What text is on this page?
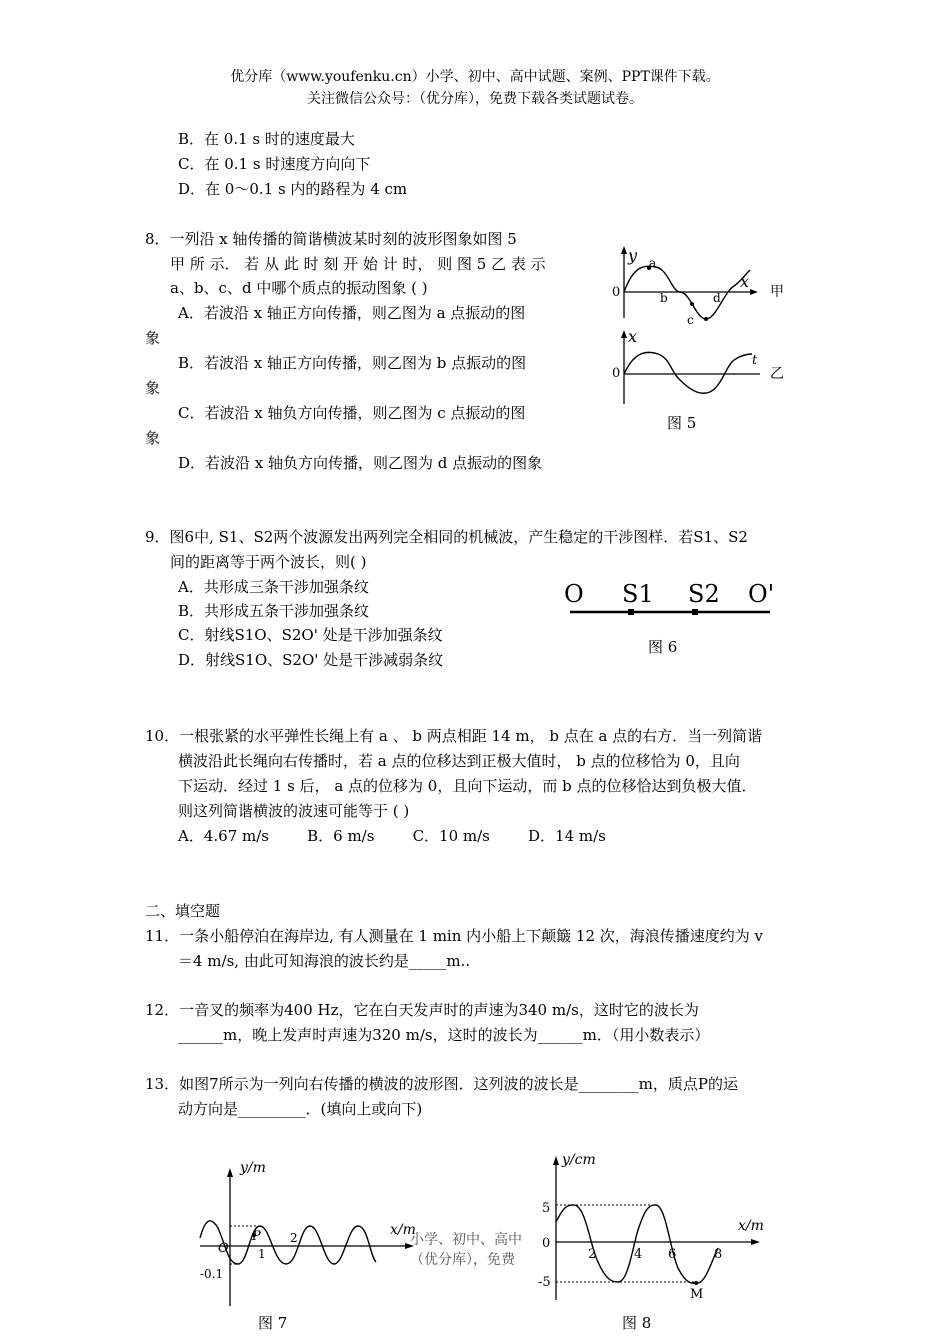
优分库（www.youfenku.cn）小学、初中、高中试题、案例、PPT课件下载。
关注微信公众号：（优分库），免费下载各类试题试卷。
B．在 0.1 s 时的速度最大
C．在 0.1 s 时速度方向向下
D．在 0～0.1 s 内的路程为 4 cm
8．一列沿 x 轴传播的简谐横波某时刻的波形图象如图 5
甲 所 示． 若 从 此 时 刻 开 始 计 时， 则 图 5 乙 表 示
a、b、c、d 中哪个质点的振动图象 ( )
A．若波沿 x 轴正方向传播，则乙图为 a 点振动的图
象
B．若波沿 x 轴正方向传播，则乙图为 b 点振动的图
象
C．若波沿 x 轴负方向传播，则乙图为 c 点振动的图
象
D．若波沿 x 轴负方向传播，则乙图为 d 点振动的图象
y
0
a
b
c
d
x
甲
x
0
t
乙
图 5
9．图6中, S1、S2两个波源发出两列完全相同的机械波，产生稳定的干涉图样．若S1、S2
间的距离等于两个波长，则( )
A．共形成三条干涉加强条纹
B．共形成五条干涉加强条纹
C．射线S1O、S2O' 处是干涉加强条纹
D．射线S1O、S2O' 处是干涉减弱条纹
O S1 S2 O'
图 6
10．一根张紧的水平弹性长绳上有 a 、 b 两点相距 14 m， b 点在 a 点的右方．当一列简谐
横波沿此长绳向右传播时，若 a 点的位移达到正极大值时， b 点的位移恰为 0，且向
下运动．经过 1 s 后， a 点的位移为 0，且向下运动，而 b 点的位移恰达到负极大值．
则这列简谐横波的波速可能等于 ( )
A．4.67 m/s        B．6 m/s        C．10 m/s        D．14 m/s
二、填空题
11．一条小船停泊在海岸边, 有人测量在 1 min 内小船上下颠簸 12 次，海浪传播速度约为 v
＝4 m/s, 由此可知海浪的波长约是_____m..
12．一音叉的频率为400 Hz，它在白天发声时的声速为340 m/s，这时它的波长为
______m，晚上发声时声速为320 m/s，这时的波长为______m．（用小数表示）
13．如图7所示为一列向右传播的横波的波形图．这列波的波长是________m，质点P的运
动方向是_________．(填向上或向下)
y/m
x/m
O
P
1
2
-0.1
图 7
小学、初中、高中
（优分库），免费
y/cm
x/m
5
0
-5
2	4 6	8
M
图 8
